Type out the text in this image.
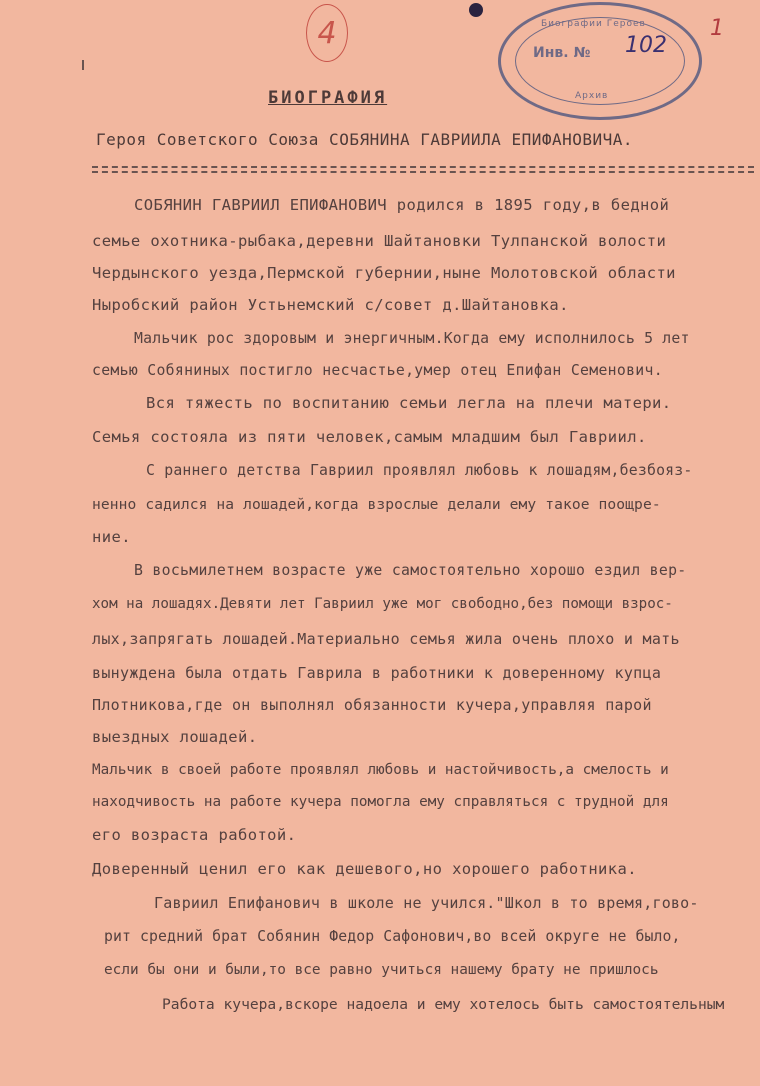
4	1
Биографии Героев
Инв. № 102
Архив
БИОГРАФИЯ
Героя Советского Союза СОБЯНИНА ГАВРИИЛА ЕПИФАНОВИЧА.
СОБЯНИН ГАВРИИЛ ЕПИФАНОВИЧ родился в 1895 году,в бедной
семье охотника-рыбака,деревни Шайтановки Тулпанской волости
Чердынского уезда,Пермской губернии,ныне Молотовской области
Ныробский район Устьнемский с/совет д.Шайтановка.
Мальчик рос здоровым и энергичным.Когда ему исполнилось 5 лет
семью Собяниных постигло несчастье,умер отец Епифан Семенович.
Вся тяжесть по воспитанию семьи легла на плечи матери.
Семья состояла из пяти человек,самым младшим был Гавриил.
С раннего детства Гавриил проявлял любовь к лошадям,безбояз-
ненно садился на лошадей,когда взрослые делали ему такое поощре-
ние.
В восьмилетнем возрасте уже самостоятельно хорошо ездил вер-
хом на лошадях.Девяти лет Гавриил уже мог свободно,без помощи взрос-
лых,запрягать лошадей.Материально семья жила очень плохо и мать
вынуждена была отдать Гаврила в работники к доверенному купца
Плотникова,где он выполнял обязанности кучера,управляя парой
выездных лошадей.
Мальчик в своей работе проявлял любовь и настойчивость,а смелость и
находчивость на работе кучера помогла ему справляться с трудной для
его возраста работой.
Доверенный ценил его как дешевого,но хорошего работника.
Гавриил Епифанович в школе не учился."Школ в то время,гово-
рит средний брат Собянин Федор Сафонович,во всей округе не было,
если бы они и были,то все равно учиться нашему брату не пришлось
Работа кучера,вскоре надоела и ему хотелось быть самостоятельным
